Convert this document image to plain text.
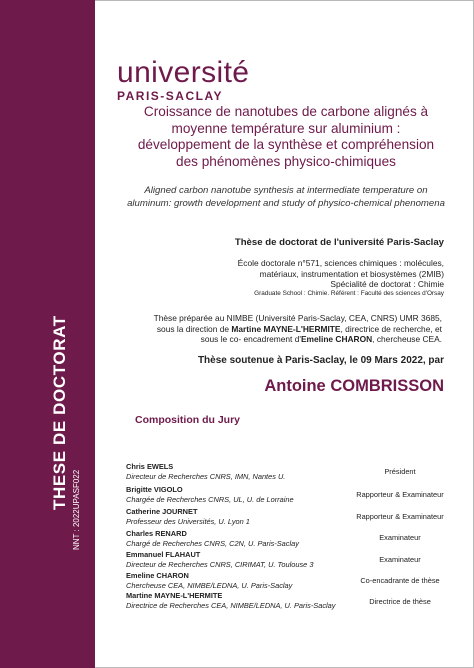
THESE DE DOCTORAT NNT : 2022UPASF022
université
PARIS-SACLAY
Croissance de nanotubes de carbone alignés à
moyenne température sur aluminium :
développement de la synthèse et compréhension
des phénomènes physico-chimiques
Aligned carbon nanotube synthesis at intermediate temperature on
aluminum: growth development and study of physico-chemical phenomena
Thèse de doctorat de l'université Paris-Saclay
École doctorale n°571, sciences chimiques : molécules,
matériaux, instrumentation et biosystèmes (2MIB)
Spécialité de doctorat : Chimie
Graduate School : Chimie. Référent : Faculté des sciences d'Orsay
Thèse préparée au NIMBE (Université Paris-Saclay, CEA, CNRS) UMR 3685, sous la direction de Martine MAYNE-L'HERMITE, directrice de recherche, et sous le co- encadrement d'Emeline CHARON, chercheuse CEA.
Thèse soutenue à Paris-Saclay, le 09 Mars 2022, par
Antoine COMBRISSON
Composition du Jury
Chris EWELS
Directeur de Recherches CNRS, IMN, Nantes U.
Président
Brigitte VIGOLO
Chargée de Recherches CNRS, UL, U. de Lorraine
Rapporteur & Examinateur
Catherine JOURNET
Professeur des Universités, U. Lyon 1
Rapporteur & Examinateur
Charles RENARD
Chargé de Recherches CNRS, C2N, U. Paris-Saclay
Examinateur
Emmanuel FLAHAUT
Directeur de Recherches CNRS, CIRIMAT, U. Toulouse 3
Examinateur
Emeline CHARON
Chercheuse CEA, NIMBE/LEDNA, U. Paris-Saclay
Co-encadrante de thèse
Martine MAYNE-L'HERMITE
Directrice de Recherches CEA, NIMBE/LEDNA, U. Paris-Saclay	Directrice de thèse
